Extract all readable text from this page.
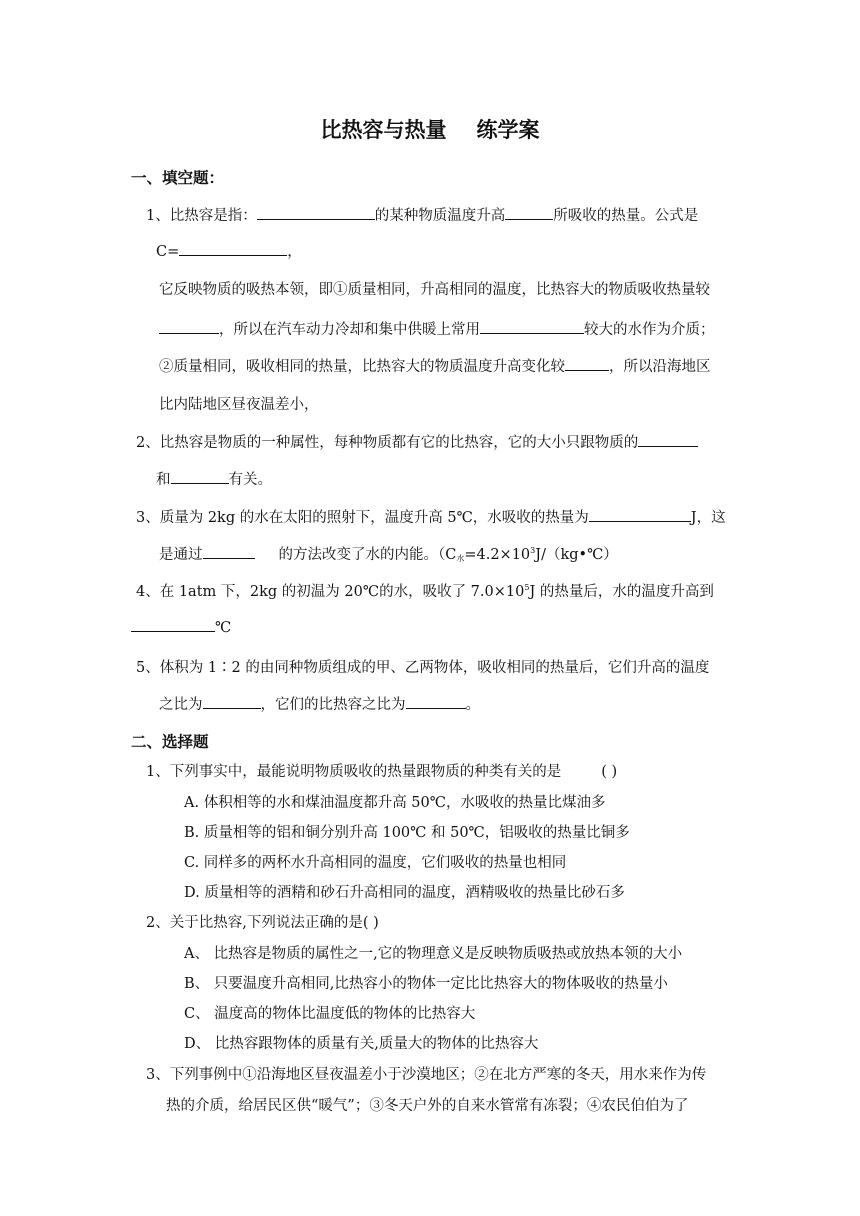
比热容与热量 练学案
一、填空题：
1、比热容是指：	的某种物质温度升高	所吸收的热量。公式是
C=	，
它反映物质的吸热本领，即①质量相同，升高相同的温度，比热容大的物质吸收热量较
，所以在汽车动力冷却和集中供暖上常用	较大的水作为介质；
②质量相同，吸收相同的热量，比热容大的物质温度升高变化较	，所以沿海地区
比内陆地区昼夜温差小，
2、比热容是物质的一种属性，每种物质都有它的比热容，它的大小只跟物质的
和	有关。
3、质量为 2kg 的水在太阳的照射下，温度升高 5℃，水吸收的热量为	J，这
是通过	的方法改变了水的内能。（$C_水=4.2\times 10^3J/(kg•℃)$
4、在 1atm 下，2kg 的初温为 20℃的水，吸收了 $7.0\times 10^5J$ 的热量后，水的温度升高到
℃
5、体积为 1∶2 的由同种物质组成的甲、乙两物体，吸收相同的热量后，它们升高的温度
之比为	，它们的比热容之比为	。
二、选择题
1、下列事实中，最能说明物质吸收的热量跟物质的种类有关的是	( )
A. 体积相等的水和煤油温度都升高 50℃，水吸收的热量比煤油多
B. 质量相等的铝和铜分别升高 100℃ 和 50℃，铝吸收的热量比铜多
C. 同样多的两杯水升高相同的温度，它们吸收的热量也相同
D. 质量相等的酒精和砂石升高相同的温度，酒精吸收的热量比砂石多
2、关于比热容,下列说法正确的是( )
A、 比热容是物质的属性之一,它的物理意义是反映物质吸热或放热本领的大小
B、 只要温度升高相同,比热容小的物体一定比比热容大的物体吸收的热量小
C、 温度高的物体比温度低的物体的比热容大
D、 比热容跟物体的质量有关,质量大的物体的比热容大
3、下列事例中①沿海地区昼夜温差小于沙漠地区；②在北方严寒的冬天，用水来作为传
热的介质，给居民区供“暖气”；③冬天户外的自来水管常有冻裂；④农民伯伯为了
